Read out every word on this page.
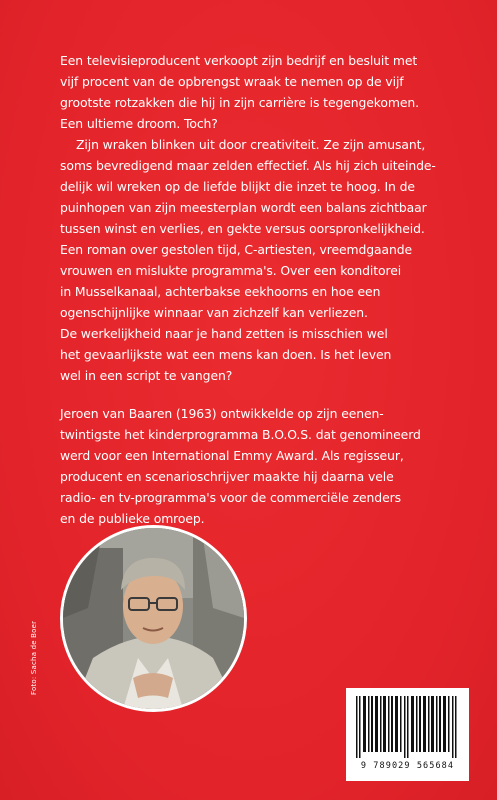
Een televisieproducent verkoopt zijn bedrijf en besluit met
vijf procent van de opbrengst wraak te nemen op de vijf
grootste rotzakken die hij in zijn carrière is tegengekomen.
Een ultieme droom. Toch?

Zijn wraken blinken uit door creativiteit. Ze zijn amusant,
soms bevredigend maar zelden effectief. Als hij zich uiteinde-
delijk wil wreken op de liefde blijkt die inzet te hoog. In de
puinhopen van zijn meesterplan wordt een balans zichtbaar
tussen winst en verlies, en gekte versus oorspronkelijkheid.
Een roman over gestolen tijd, C-artiesten, vreemdgaande
vrouwen en mislukte programma's. Over een konditorei
in Musselkanaal, achterbakse eekhoorns en hoe een
ogenschijnlijke winnaar van zichzelf kan verliezen.
De werkelijkheid naar je hand zetten is misschien wel
het gevaarlijkste wat een mens kan doen. Is het leven
wel in een script te vangen?

Jeroen van Baaren (1963) ontwikkelde op zijn eenen-
twintigste het kinderprogramma B.O.O.S. dat genomineerd
werd voor een International Emmy Award. Als regisseur,
producent en scenarioschrijver maakte hij daarna vele
radio- en tv-programma's voor de commerciële zenders
en de publieke omroep.

Foto: Sacha de Boer
9 789029 565684
